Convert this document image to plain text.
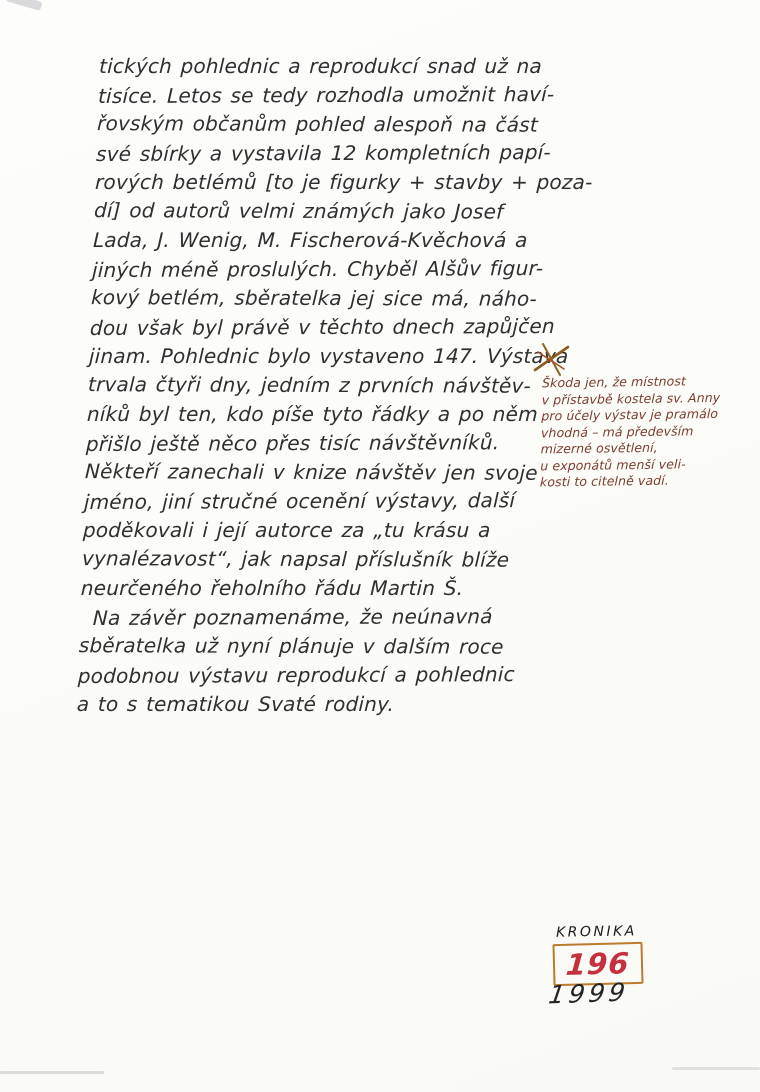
tických pohlednic a reprodukcí snad už na
tisíce. Letos se tedy rozhodla umožnit haví-
řovským občanům pohled alespoň na část
své sbírky a vystavila 12 kompletních papí-
rových betlémů [to je figurky + stavby + poza-
dí] od autorů velmi známých jako Josef
Lada, J. Wenig, M. Fischerová-Kvěchová a
jiných méně proslulých. Chyběl Alšův figur-
kový betlém, sběratelka jej sice má, náho-
dou však byl právě v těchto dnech zapůjčen
jinam. Pohlednic bylo vystaveno 147. Výstava
trvala čtyři dny, jedním z prvních návštěv-
níků byl ten, kdo píše tyto řádky a po něm
přišlo ještě něco přes tisíc návštěvníků.
Někteří zanechali v knize návštěv jen svoje
jméno, jiní stručné ocenění výstavy, další
poděkovali i její autorce za „tu krásu a
vynalézavost“, jak napsal příslušník blíže
neurčeného řeholního řádu Martin Š.
Na závěr poznamenáme, že neúnavná
sběratelka už nyní plánuje v dalším roce
podobnou výstavu reprodukcí a pohlednic
a to s tematikou Svaté rodiny.
Škoda jen, že místnost
v přístavbě kostela sv. Anny
pro účely výstav je pramálo
vhodná – má především
mizerné osvětlení,
u exponátů menší veli-
kosti to citelně vadí.
KRONIKA
196
1999
